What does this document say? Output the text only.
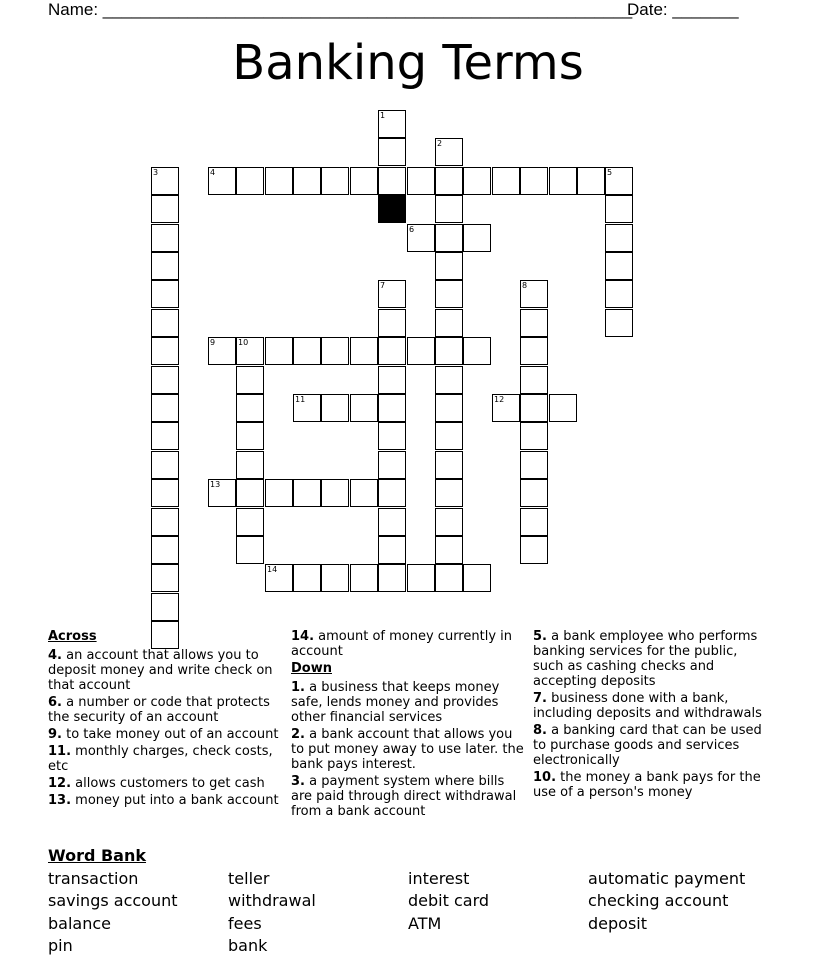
Name: ________________________________________________________
Date: _______
Banking Terms
1
2
3	4	5
6
7	8
9	10
11	12
13
14

Across

4. an account that allows you to deposit money and write check on that account

6. a number or code that protects the security of an account

9. to take money out of an account

11. monthly charges, check costs, etc

12. allows customers to get cash

13. money put into a bank account

14. amount of money currently in account

Down

1. a business that keeps money safe, lends money and provides other financial services

2. a bank account that allows you to put money away to use later. the bank pays interest.

3. a payment system where bills are paid through direct withdrawal from a bank account

5. a bank employee who performs banking services for the public, such as cashing checks and accepting deposits

7. business done with a bank, including deposits and withdrawals

8. a banking card that can be used to purchase goods and services electronically

10. the money a bank pays for the use of a person's money

Word Bank
transaction	teller	interest	automatic payment
savings account	withdrawal	debit card	checking account
balance	fees	ATM	deposit
pin	bank
